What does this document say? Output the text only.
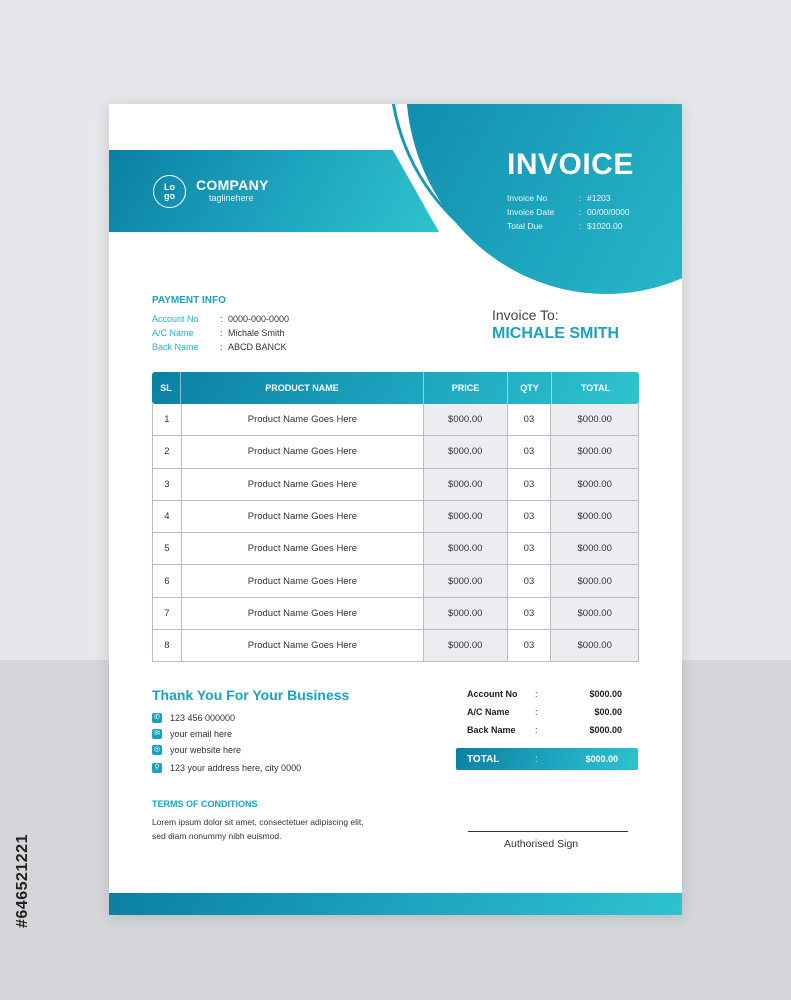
Lo
go
COMPANY
taglinehere
INVOICE
Invoice No	: #1203
Invoice Date	: 00/00/0000
Total Due	: $1020.00
PAYMENT INFO
Account No	: 0000-000-0000
A/C Name	: Michale Smith
Back Name	: ABCD BANCK
Invoice To:
MICHALE SMITH
SL	PRODUCT NAME	PRICE	QTY	TOTAL
1	Product Name Goes Here	$000.00	03	$000.00
2	Product Name Goes Here	$000.00	03	$000.00
3	Product Name Goes Here	$000.00	03	$000.00
4	Product Name Goes Here	$000.00	03	$000.00
5	Product Name Goes Here	$000.00	03	$000.00
6	Product Name Goes Here	$000.00	03	$000.00
7	Product Name Goes Here	$000.00	03	$000.00
8	Product Name Goes Here	$000.00	03	$000.00
Thank You For Your Business
✆ 123 456 000000
✉ your email here
◎ your website here
⚲ 123 your address here, city 0000
Account No	:	$000.00
A/C Name	:	$00.00
Back Name	:	$000.00
TOTAL	:	$000.00
TERMS OF CONDITIONS
Lorem ipsum dolor sit amet, consectetuer adipiscing elit,
sed diam nonummy nibh euismod.
Authorised Sign
#646521221
